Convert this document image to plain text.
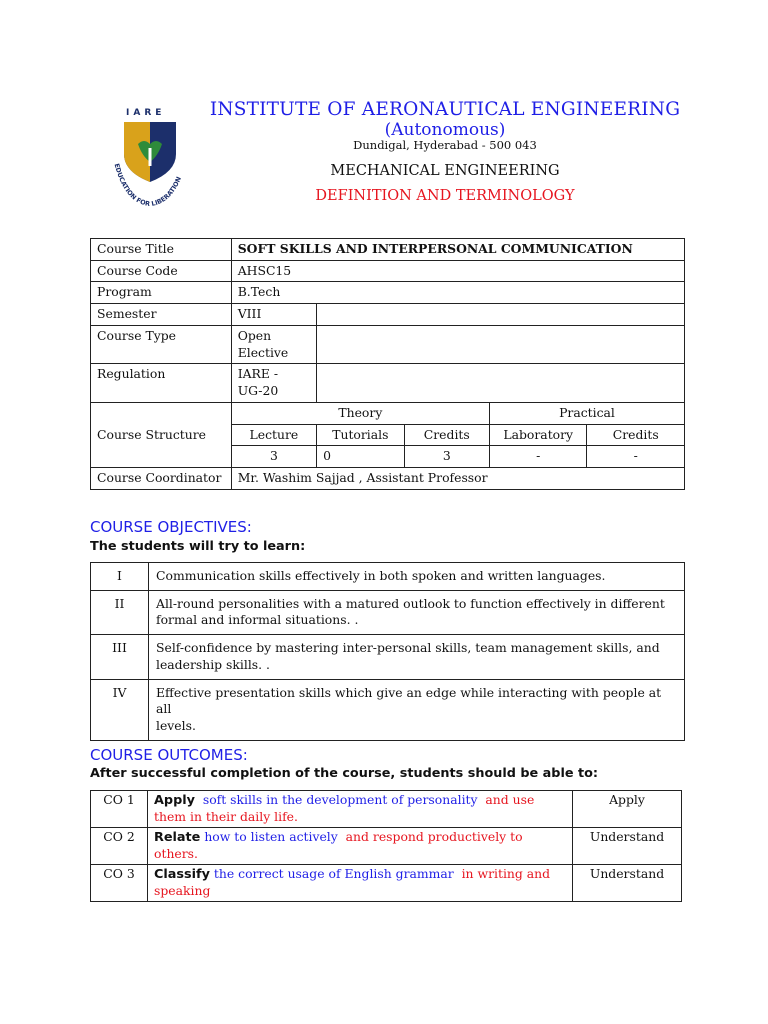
IARE
EDUCATION FOR LIBERATION
INSTITUTE OF AERONAUTICAL ENGINEERING
(Autonomous)
Dundigal, Hyderabad - 500 043
MECHANICAL ENGINEERING
DEFINITION AND TERMINOLOGY
Course Title	SOFT SKILLS AND INTERPERSONAL COMMUNICATION				
Course Code	AHSC15				
Program	B.Tech				
Semester	VIII				
Course Type	Open
Elective				
Regulation	IARE -
UG-20				
Course Structure	Theory			Practical	
	Lecture	Tutorials	Credits	Laboratory	Credits
	3	0	3	-	-
Course Coordinator	Mr. Washim Sajjad , Assistant Professor				
COURSE OBJECTIVES:
The students will try to learn:
I	Communication skills effectively in both spoken and written languages.
II	All-round personalities with a matured outlook to function effectively in different
formal and informal situations. .
III	Self-confidence by mastering inter-personal skills, team management skills, and
leadership skills. .
IV	Effective presentation skills which give an edge while interacting with people at all
levels.
COURSE OUTCOMES:
After successful completion of the course, students should be able to:
CO 1	Apply soft skills in the development of personality and use them in their daily life.	Apply
CO 2	Relate how to listen actively and respond productively to others.	Understand
CO 3	Classify the correct usage of English grammar in writing and speaking	Understand
